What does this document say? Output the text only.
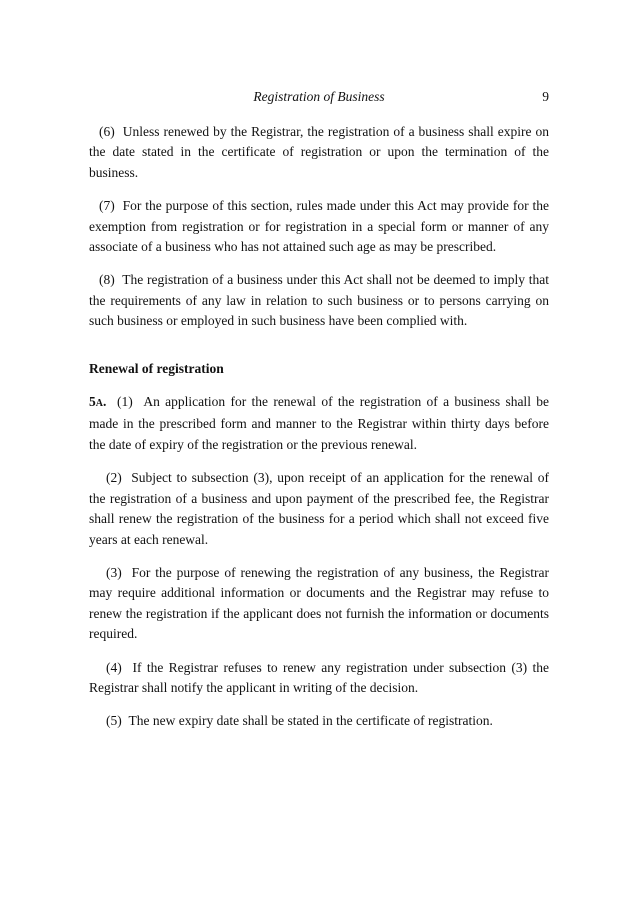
Registration of Business	9

(6) Unless renewed by the Registrar, the registration of a business shall expire on the date stated in the certificate of registration or upon the termination of the business.

(7) For the purpose of this section, rules made under this Act may provide for the exemption from registration or for registration in a special form or manner of any associate of a business who has not attained such age as may be prescribed.

(8) The registration of a business under this Act shall not be deemed to imply that the requirements of any law in relation to such business or to persons carrying on such business or employed in such business have been complied with.

Renewal of registration

5A. (1) An application for the renewal of the registration of a business shall be made in the prescribed form and manner to the Registrar within thirty days before the date of expiry of the registration or the previous renewal.

(2) Subject to subsection (3), upon receipt of an application for the renewal of the registration of a business and upon payment of the prescribed fee, the Registrar shall renew the registration of the business for a period which shall not exceed five years at each renewal.

(3) For the purpose of renewing the registration of any business, the Registrar may require additional information or documents and the Registrar may refuse to renew the registration if the applicant does not furnish the information or documents required.

(4) If the Registrar refuses to renew any registration under subsection (3) the Registrar shall notify the applicant in writing of the decision.

(5) The new expiry date shall be stated in the certificate of registration.
